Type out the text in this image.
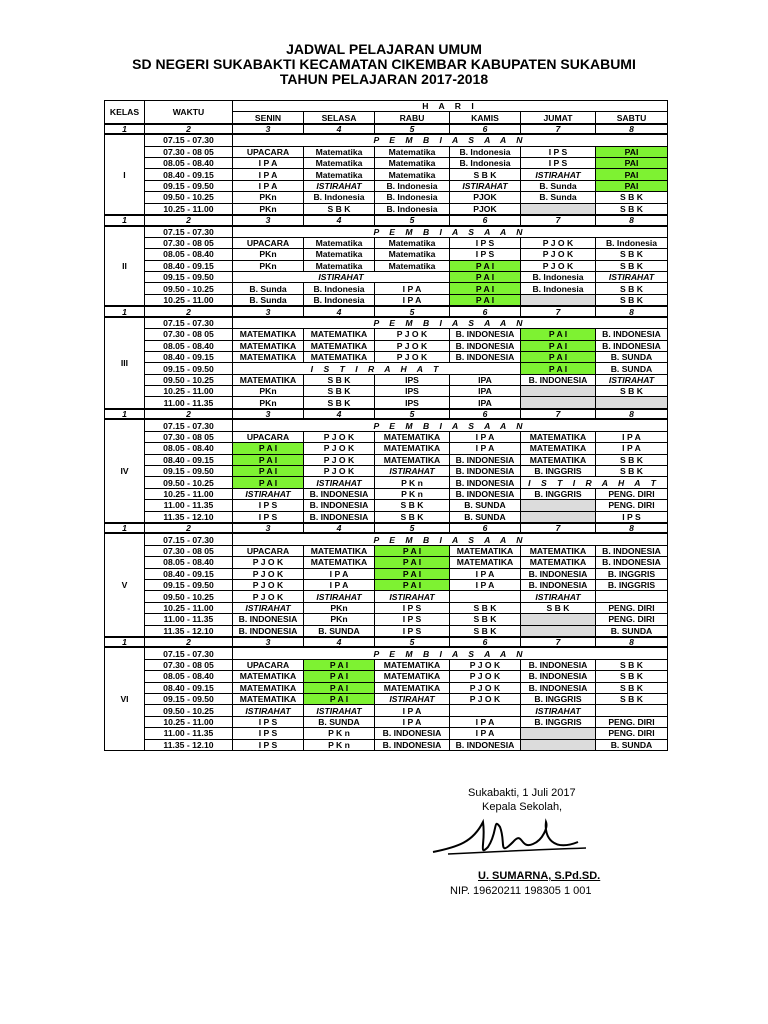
JADWAL PELAJARAN UMUM
SD NEGERI SUKABAKTI KECAMATAN CIKEMBAR KABUPATEN SUKABUMI
TAHUN PELAJARAN 2017-2018
KELAS	WAKTU	H A R I					
		SENIN	SELASA	RABU	KAMIS	JUMAT	SABTU
1	2	3	4	5	6	7	8
I	07.15 - 07.30	P E M B I A S A A N					
	07.30 - 08 05	UPACARA	Matematika	Matematika	B. Indonesia	I P S	PAI
	08.05 - 08.40	I P A	Matematika	Matematika	B. Indonesia	I P S	PAI
	08.40 - 09.15	I P A	Matematika	Matematika	S B K	ISTIRAHAT	PAI
	09.15 - 09.50	I P A	ISTIRAHAT	B. Indonesia	ISTIRAHAT	B. Sunda	PAI
	09.50 - 10.25	PKn	B. Indonesia	B. Indonesia	PJOK	B. Sunda	S B K
	10.25 - 11.00	PKn	S B K	B. Indonesia	PJOK		S B K
1	2	3	4	5	6	7	8
II	07.15 - 07.30	P E M B I A S A A N					
	07.30 - 08 05	UPACARA	Matematika	Matematika	I P S	P J O K	B. Indonesia
	08.05 - 08.40	PKn	Matematika	Matematika	I P S	P J O K	S B K
	08.40 - 09.15	PKn	Matematika	Matematika	P A I	P J O K	S B K
	09.15 - 09.50	ISTIRAHAT			P A I	B. Indonesia	ISTIRAHAT
	09.50 - 10.25	B. Sunda	B. Indonesia	I P A	P A I	B. Indonesia	S B K
	10.25 - 11.00	B. Sunda	B. Indonesia	I P A	P A I		S B K
1	2	3	4	5	6	7	8
III	07.15 - 07.30	P E M B I A S A A N					
	07.30 - 08 05	MATEMATIKA	MATEMATIKA	P J O K	B. INDONESIA	P A I	B. INDONESIA
	08.05 - 08.40	MATEMATIKA	MATEMATIKA	P J O K	B. INDONESIA	P A I	B. INDONESIA
	08.40 - 09.15	MATEMATIKA	MATEMATIKA	P J O K	B. INDONESIA	P A I	B. SUNDA
	09.15 - 09.50	I S T I R A H A T				P A I	B. SUNDA
	09.50 - 10.25	MATEMATIKA	S B K	IPS	IPA	B. INDONESIA	ISTIRAHAT
	10.25 - 11.00	PKn	S B K	IPS	IPA		S B K
	11.00 - 11.35	PKn	S B K	IPS	IPA		
1	2	3	4	5	6	7	8
IV	07.15 - 07.30	P E M B I A S A A N					
	07.30 - 08 05	UPACARA	P J O K	MATEMATIKA	I P A	MATEMATIKA	I P A
	08.05 - 08.40	P A I	P J O K	MATEMATIKA	I P A	MATEMATIKA	I P A
	08.40 - 09.15	P A I	P J O K	MATEMATIKA	B. INDONESIA	MATEMATIKA	S B K
	09.15 - 09.50	P A I	P J O K	ISTIRAHAT	B. INDONESIA	B. INGGRIS	S B K
	09.50 - 10.25	P A I	ISTIRAHAT	P K n	B. INDONESIA	I S T I R A H A T	
	10.25 - 11.00	ISTIRAHAT	B. INDONESIA	P K n	B. INDONESIA	B. INGGRIS	PENG. DIRI
	11.00 - 11.35	I P S	B. INDONESIA	S B K	B. SUNDA		PENG. DIRI
	11.35 - 12.10	I P S	B. INDONESIA	S B K	B. SUNDA		I P S
1	2	3	4	5	6	7	8
V	07.15 - 07.30	P E M B I A S A A N					
	07.30 - 08 05	UPACARA	MATEMATIKA	P A I	MATEMATIKA	MATEMATIKA	B. INDONESIA
	08.05 - 08.40	P J O K	MATEMATIKA	P A I	MATEMATIKA	MATEMATIKA	B. INDONESIA
	08.40 - 09.15	P J O K	I P A	P A I	I P A	B. INDONESIA	B. INGGRIS
	09.15 - 09.50	P J O K	I P A	P A I	I P A	B. INDONESIA	B. INGGRIS
	09.50 - 10.25	P J O K	ISTIRAHAT	ISTIRAHAT		ISTIRAHAT	
	10.25 - 11.00	ISTIRAHAT	PKn	I P S	S B K	S B K	PENG. DIRI
	11.00 - 11.35	B. INDONESIA	PKn	I P S	S B K		PENG. DIRI
	11.35 - 12.10	B. INDONESIA	B. SUNDA	I P S	S B K		B. SUNDA
1	2	3	4	5	6	7	8
VI	07.15 - 07.30	P E M B I A S A A N					
	07.30 - 08 05	UPACARA	P A I	MATEMATIKA	P J O K	B. INDONESIA	S B K
	08.05 - 08.40	MATEMATIKA	P A I	MATEMATIKA	P J O K	B. INDONESIA	S B K
	08.40 - 09.15	MATEMATIKA	P A I	MATEMATIKA	P J O K	B. INDONESIA	S B K
	09.15 - 09.50	MATEMATIKA	P A I	ISTIRAHAT	P J O K	B. INGGRIS	S B K
	09.50 - 10.25	ISTIRAHAT	ISTIRAHAT	I P A		ISTIRAHAT	
	10.25 - 11.00	I P S	B. SUNDA	I P A	I P A	B. INGGRIS	PENG. DIRI
	11.00 - 11.35	I P S	P K n	B. INDONESIA	I P A		PENG. DIRI
	11.35 - 12.10	I P S	P K n	B. INDONESIA	B. INDONESIA		B. SUNDA
Sukabakti, 1 Juli 2017
Kepala Sekolah,
U. SUMARNA, S.Pd.SD.
NIP. 19620211 198305 1 001
